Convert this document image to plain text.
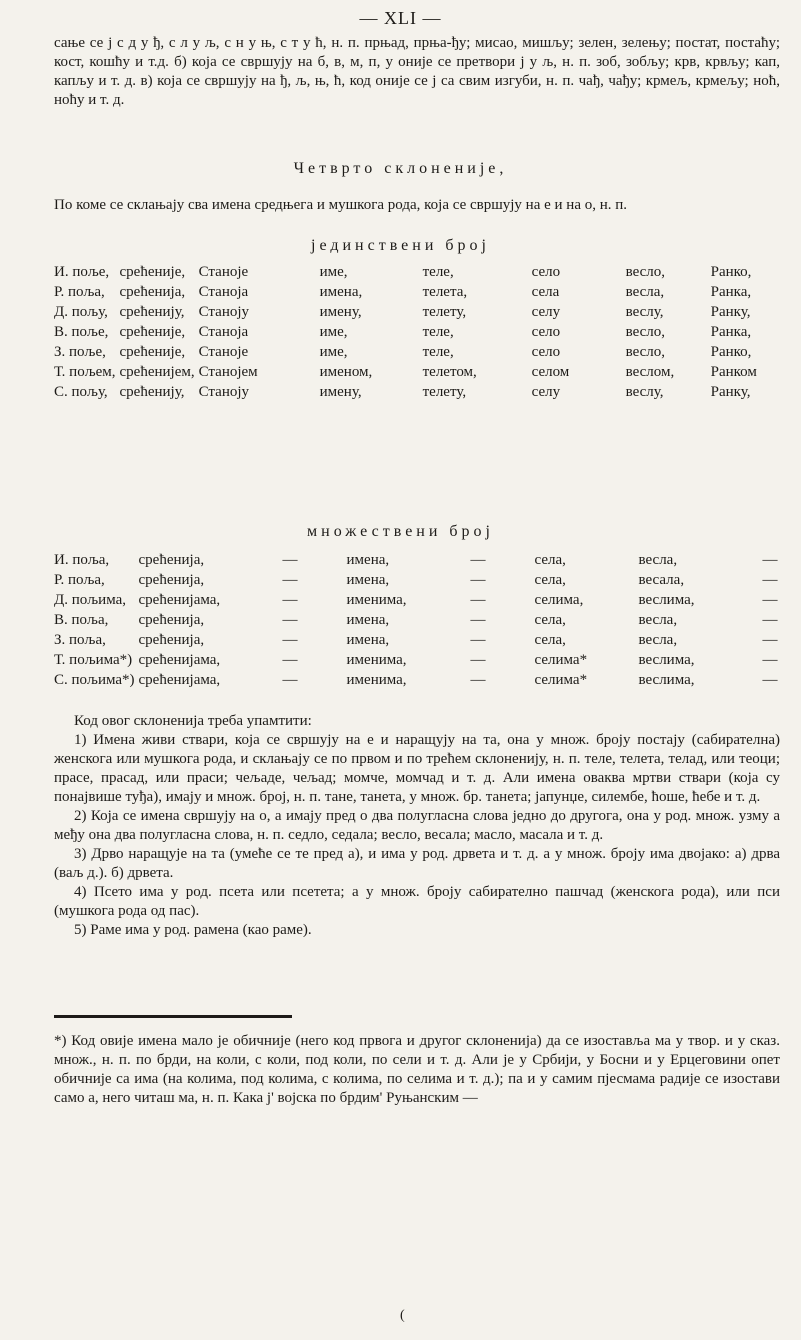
— XLI —
сање се ј с д у ђ, с л у љ, с н у њ, с т у ћ, н. п. прњад, прња-ђу; мисао, мишљу; зелен, зелењу; постат, постаћу; кост, кошћу и т.д. б) која се свршују на б, в, м, п, у оније се претвори ј у љ, н. п. зоб, зобљу; крв, крвљу; кап, капљу и т. д. в) која се свршују на ђ, љ, њ, ћ, код оније се ј са свим изгуби, н. п. чађ, чађу; крмељ, крмељу; ноћ, ноћу и т. д.
Четврто склоненије,
По коме се склањају сва имена средњега и мушкога рода, која се свршују на е и на о, н. п.
јединствени број
И. поље,	срећеније,	Станоје	име,	теле,	село	весло,	Ранко,
Р. поља,	срећенија,	Станоја	имена,	телета,	села	весла,	Ранка,
Д. пољу,	срећенију,	Станоју	имену,	телету,	селу	веслу,	Ранку,
В. поље,	срећеније,	Станоја	име,	теле,	село	весло,	Ранка,
З. поље,	срећеније,	Станоје	име,	теле,	село	весло,	Ранко,
Т. пољем,	срећенијем,	Станојем	именом,	телетом,	селом	веслом,	Ранком
С. пољу,	срећенију,	Станоју	имену,	телету,	селу	веслу,	Ранку,
множествени број
И. поља,	срећенија,	—	имена,	—	села,	весла,	—
Р. поља,	срећенија,	—	имена,	—	села,	весала,	—
Д. пољима,	срећенијама,	—	именима,	—	селима,	веслима,	—
В. поља,	срећенија,	—	имена,	—	села,	весла,	—
З. поља,	срећенија,	—	имена,	—	села,	весла,	—
Т. пољима*)	срећенијама,	—	именима,	—	селима*	веслима,	—
С. пољима*)	срећенијама,	—	именима,	—	селима*	веслима,	—

Код овог склоненија треба упамтити:

1) Имена живи ствари, која се свршују на е и наращују на та, она у множ. броју постају (сабирателна) женскога или мушкога рода, и склањају се по првом и по трећем склоненију, н. п. теле, телета, телад, или теоци; прасе, прасад, или праси; чељаде, чељад; момче, момчад и т. д. Али имена оваква мртви ствари (која су понајвише туђа), имају и множ. број, н. п. тане, танета, у множ. бр. танета; јапунџе, силембе, ћоше, ћебе и т. д.

2) Која се имена свршују на о, а имају пред о два полугласна слова једно до другога, она у род. множ. узму а међу она два полугласна слова, н. п. седло, седала; весло, весала; масло, масала и т. д.

3) Дрво наращује на та (умеће се те пред а), и има у род. дрвета и т. д. а у множ. броју има двојако: а) дрва (ваљ д.). б) дрвета.

4) Псето има у род. псета или псетета; а у множ. броју сабирателно пашчад (женскога рода), или пси (мушкога рода од пас).

5) Раме има у род. рамена (као раме).

*) Код овије имена мало је обичније (него код првога и другог склоненија) да се изоставља ма у твор. и у сказ. множ., н. п. по брди, на коли, с коли, под коли, по сели и т. д. Али је у Србији, у Босни и у Ерцеговини опет обичније са има (на колима, под колима, с колима, по селима и т. д.); па и у самим пјесмама радије се изостави само а, него читаш ма, н. п. Кака ј' војска по брдим' Руњанским —

(
